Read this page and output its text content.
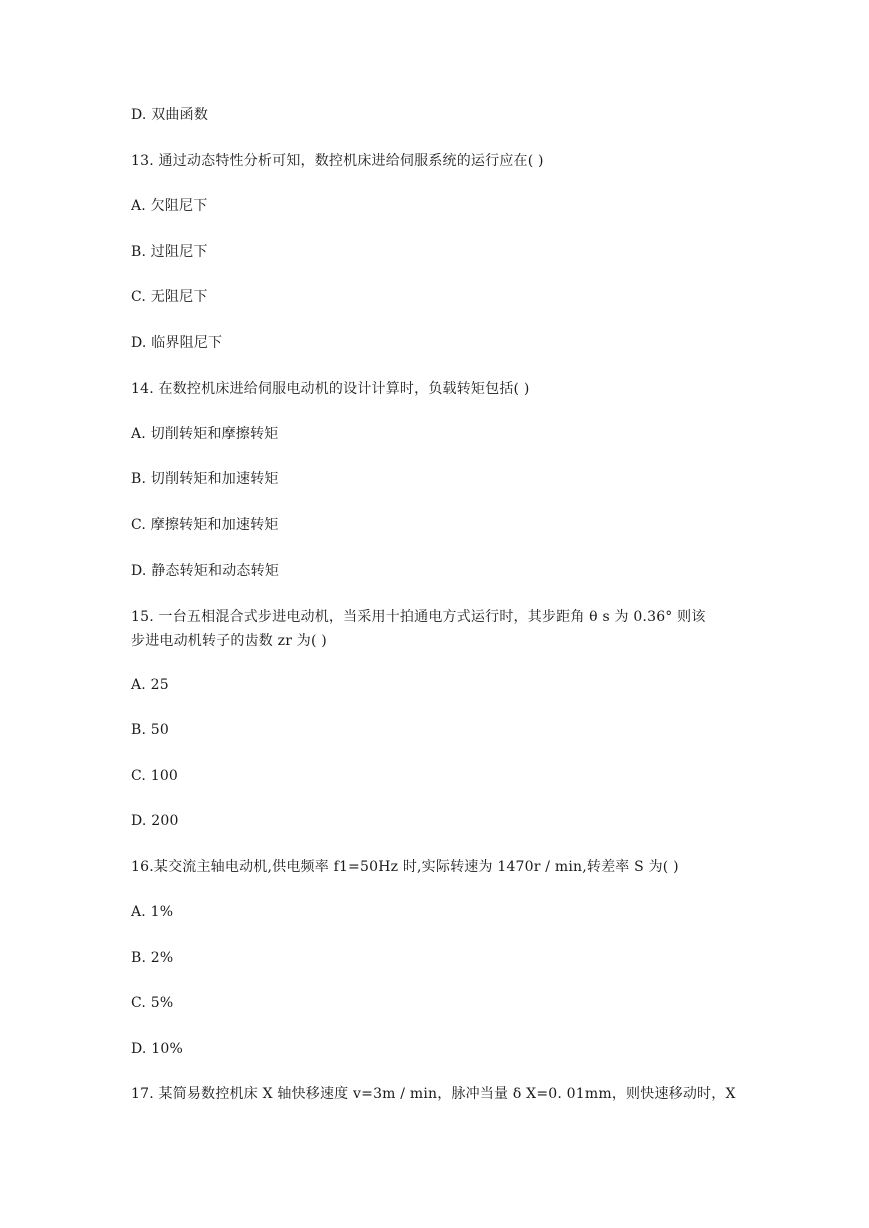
D. 双曲函数
13. 通过动态特性分析可知，数控机床进给伺服系统的运行应在( )
A. 欠阻尼下
B. 过阻尼下
C. 无阻尼下
D. 临界阻尼下
14. 在数控机床进给伺服电动机的设计计算时，负载转矩包括( )
A. 切削转矩和摩擦转矩
B. 切削转矩和加速转矩
C. 摩擦转矩和加速转矩
D. 静态转矩和动态转矩
15. 一台五相混合式步进电动机，当采用十拍通电方式运行时，其步距角 θ s 为 0.36° 则该
步进电动机转子的齿数 zr 为( )
A. 25
B. 50
C. 100
D. 200
16.某交流主轴电动机,供电频率 f1=50Hz 时,实际转速为 1470r / min,转差率 S 为( )
A. 1%
B. 2%
C. 5%
D. 10%
17. 某简易数控机床 X 轴快移速度 v=3m / min，脉冲当量 δ X=0. 01mm，则快速移动时，X
